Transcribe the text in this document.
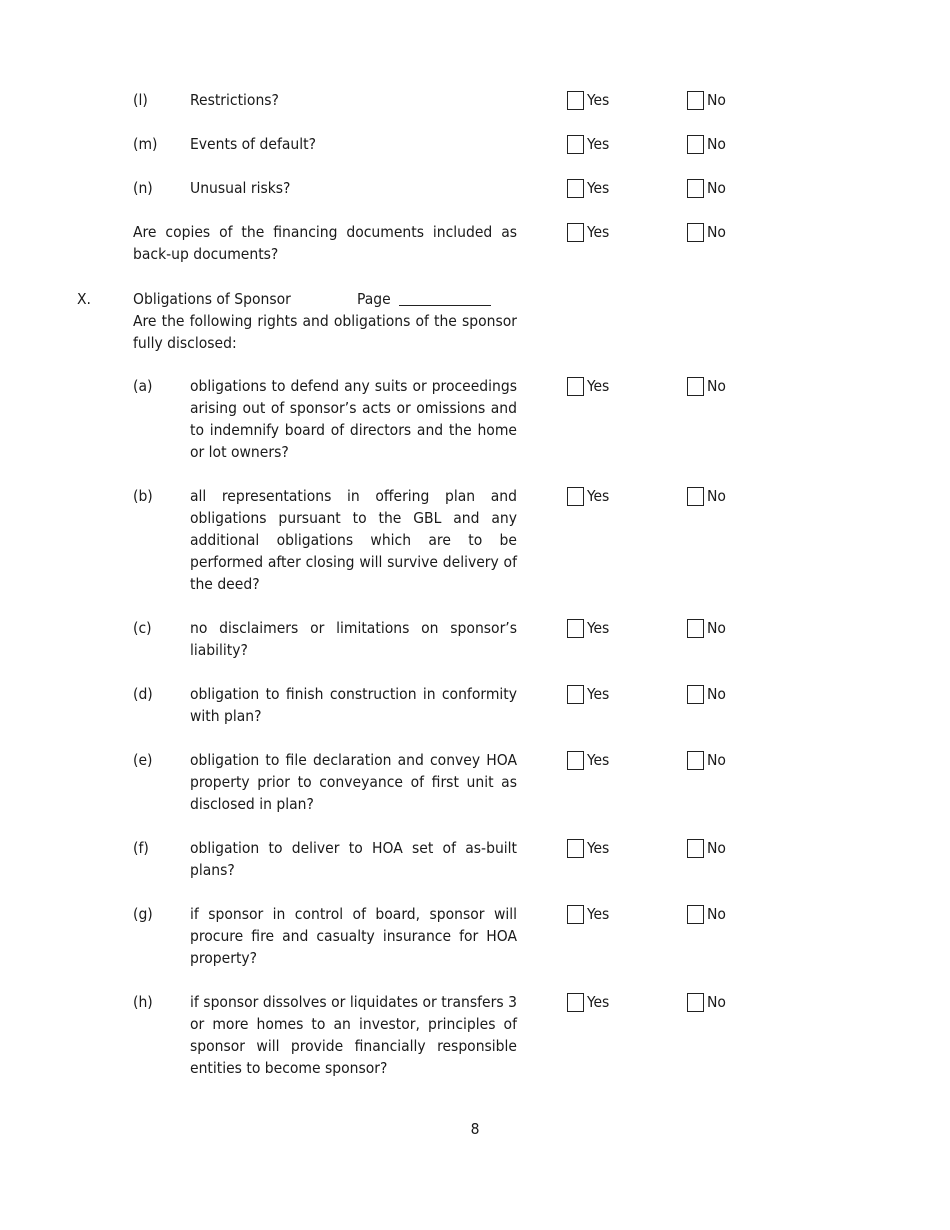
(l)	Restrictions?	Yes	No
(m) Events of default?	Yes	No
(n) Unusual risks?	Yes	No
Are copies of the financing documents included as back-up documents?
Yes	No
X.	Obligations of Sponsor	Page
Are the following rights and obligations of the sponsor fully disclosed:
(a) obligations to defend any suits or proceedings arising out of sponsor’s acts or omissions and to indemnify board of directors and the home or lot owners?
Yes	No
(b) all representations in offering plan and obligations pursuant to the GBL and any additional obligations which are to be performed after closing will survive delivery of the deed?
Yes	No
(c) no disclaimers or limitations on sponsor’s liability?
Yes	No
(d) obligation to finish construction in conformity with plan?
Yes	No
(e) obligation to file declaration and convey HOA property prior to conveyance of first unit as disclosed in plan?
Yes	No
(f)	obligation to deliver to HOA set of as-built plans?
Yes	No
(g) if sponsor in control of board, sponsor will procure fire and casualty insurance for HOA property?
Yes	No
(h) if sponsor dissolves or liquidates or transfers 3 or more homes to an investor, principles of sponsor will provide financially responsible entities to become sponsor?
Yes	No
8
